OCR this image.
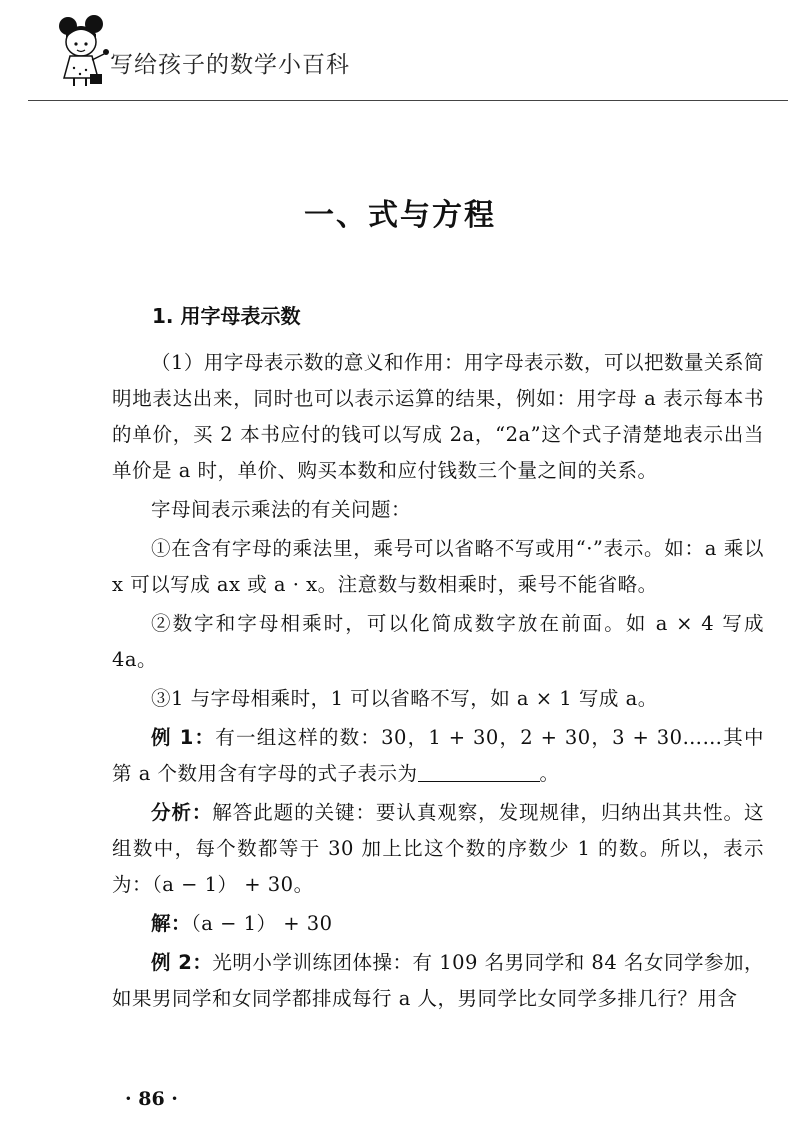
写给孩子的数学小百科
一、式与方程
1. 用字母表示数

（1）用字母表示数的意义和作用：用字母表示数，可以把数量关系简明地表达出来，同时也可以表示运算的结果，例如：用字母 a 表示每本书的单价，买 2 本书应付的钱可以写成 2a，“2a”这个式子清楚地表示出当单价是 a 时，单价、购买本数和应付钱数三个量之间的关系。

字母间表示乘法的有关问题：

①在含有字母的乘法里，乘号可以省略不写或用“·”表示。如：a 乘以 x 可以写成 ax 或 a · x。注意数与数相乘时，乘号不能省略。

②数字和字母相乘时，可以化简成数字放在前面。如 a × 4 写成 4a。

③1 与字母相乘时，1 可以省略不写，如 a × 1 写成 a。

例 1：有一组这样的数：30，1 + 30，2 + 30，3 + 30……其中第 a 个数用含有字母的式子表示为	。

分析：解答此题的关键：要认真观察，发现规律，归纳出其共性。这组数中，每个数都等于 30 加上比这个数的序数少 1 的数。所以，表示为：（a − 1） + 30。

解：（a − 1） + 30

例 2：光明小学训练团体操：有 109 名男同学和 84 名女同学参加，如果男同学和女同学都排成每行 a 人，男同学比女同学多排几行？用含

· 86 ·
